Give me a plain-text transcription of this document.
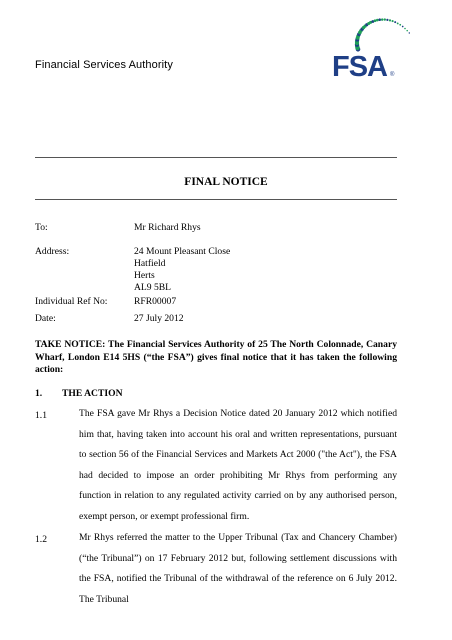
Financial Services Authority	FSA ®
FINAL NOTICE
To:	Mr Richard Rhys
Address:	24 Mount Pleasant Close
Hatfield
Herts
AL9 5BL
Individual Ref No:	RFR00007
Date:	27 July 2012
TAKE NOTICE: The Financial Services Authority of 25 The North Colonnade, Canary Wharf, London E14 5HS (“the FSA”) gives final notice that it has taken the following action:
1. THE ACTION
1.1	The FSA gave Mr Rhys a Decision Notice dated 20 January 2012 which notified him that, having taken into account his oral and written representations, pursuant to section 56 of the Financial Services and Markets Act 2000 ("the Act"), the FSA had decided to impose an order prohibiting Mr Rhys from performing any function in relation to any regulated activity carried on by any authorised person, exempt person, or exempt professional firm.
1.2	Mr Rhys referred the matter to the Upper Tribunal (Tax and Chancery Chamber) (“the Tribunal”) on 17 February 2012 but, following settlement discussions with the FSA, notified the Tribunal of the withdrawal of the reference on 6 July 2012. The Tribunal
